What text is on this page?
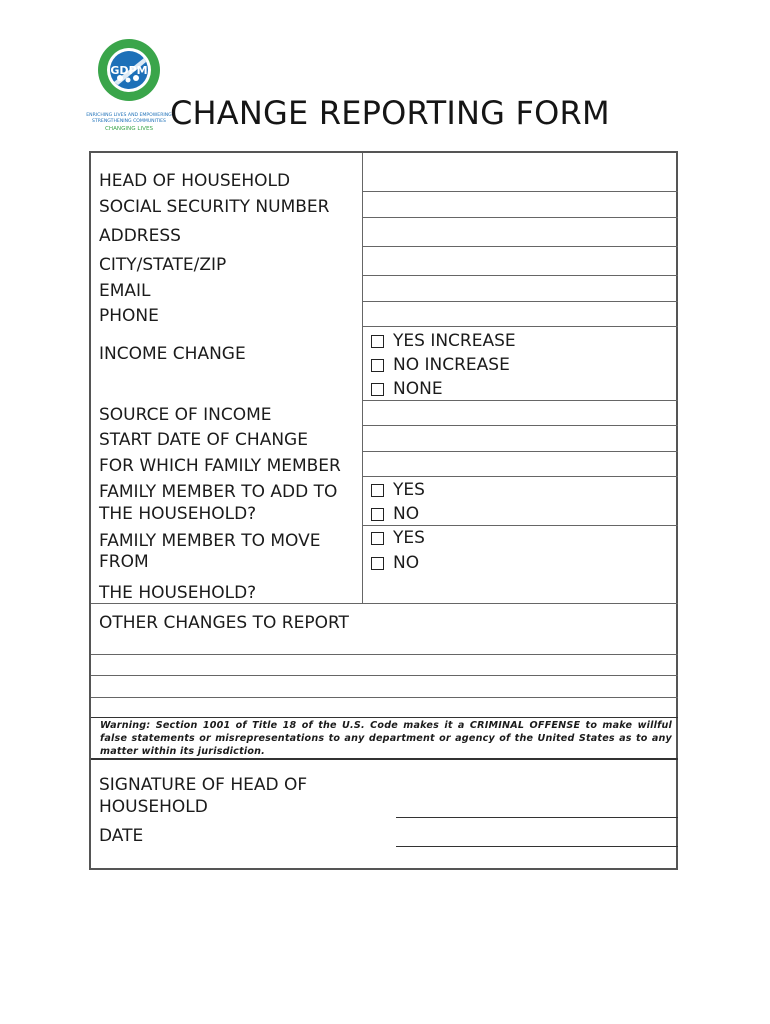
GDPM
ENRICHING LIVES AND EMPOWERING
STRENGTHENING COMMUNITIES
CHANGING LIVES CHANGE REPORTING FORM
HEAD OF HOUSEHOLD
SOCIAL SECURITY NUMBER
ADDRESS
CITY/STATE/ZIP
EMAIL
PHONE
INCOME CHANGE
SOURCE OF INCOME
START DATE OF CHANGE
FOR WHICH FAMILY MEMBER
FAMILY MEMBER TO ADD TO
THE HOUSEHOLD?
FAMILY MEMBER TO MOVE
FROM
THE HOUSEHOLD?
OTHER CHANGES TO REPORT
YES INCREASE
NO INCREASE
NONE
YES
NO
YES
NO
Warning: Section 1001 of Title 18 of the U.S. Code makes it a CRIMINAL OFFENSE to make willful false statements or misrepresentations to any department or agency of the United States as to any matter within its jurisdiction.
SIGNATURE OF HEAD OF
HOUSEHOLD
DATE
